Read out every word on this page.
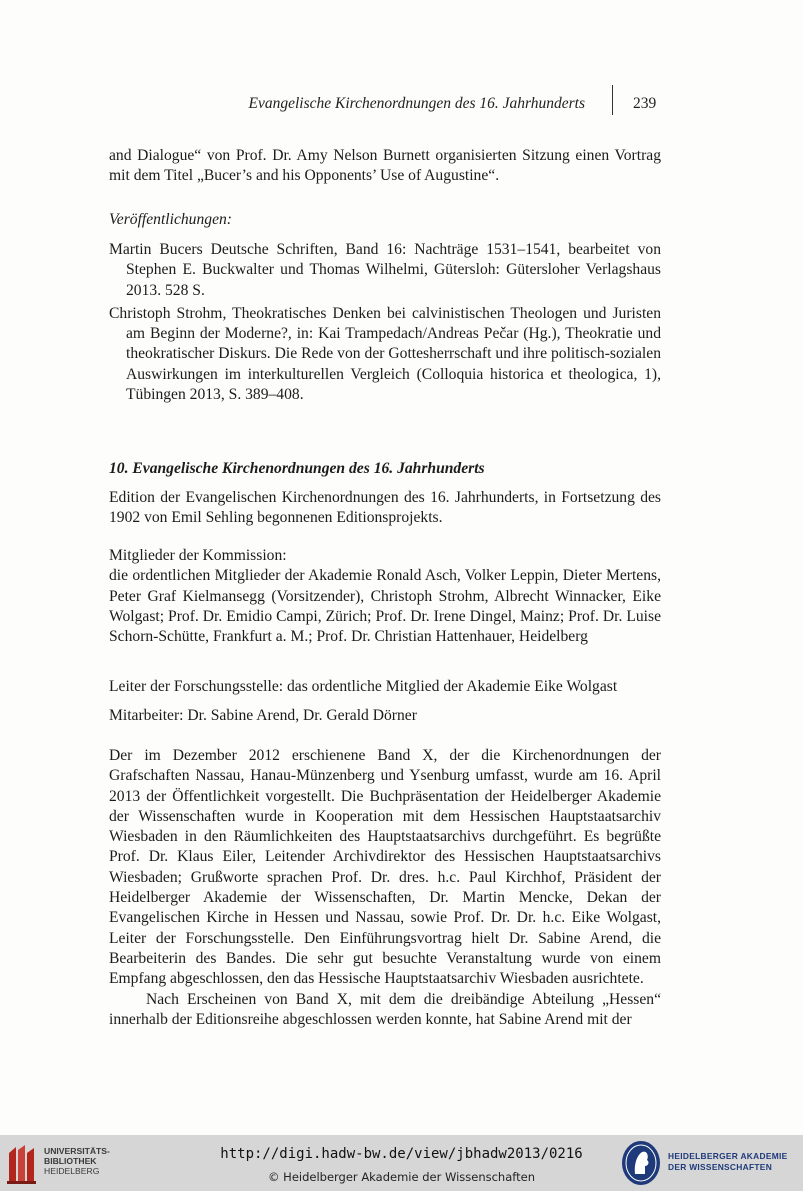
Evangelische Kirchenordnungen des 16. Jahrhunderts	239

and Dialogue“ von Prof. Dr. Amy Nelson Burnett organisierten Sitzung einen Vortrag mit dem Titel „Bucer’s and his Opponents’ Use of Augustine“.

Veröffentlichungen:

Martin Bucers Deutsche Schriften, Band 16: Nachträge 1531–1541, bearbeitet von Stephen E. Buckwalter und Thomas Wilhelmi, Gütersloh: Gütersloher Verlagshaus 2013. 528 S.

Christoph Strohm, Theokratisches Denken bei calvinistischen Theologen und Juristen am Beginn der Moderne?, in: Kai Trampedach/Andreas Pečar (Hg.), Theokratie und theokratischer Diskurs. Die Rede von der Gottesherrschaft und ihre politisch-sozialen Auswirkungen im interkulturellen Vergleich (Colloquia historica et theologica, 1), Tübingen 2013, S. 389–408.

10. Evangelische Kirchenordnungen des 16. Jahrhunderts

Edition der Evangelischen Kirchenordnungen des 16. Jahrhunderts, in Fortsetzung des 1902 von Emil Sehling begonnenen Editionsprojekts.

Mitglieder der Kommission:

die ordentlichen Mitglieder der Akademie Ronald Asch, Volker Leppin, Dieter Mertens, Peter Graf Kielmansegg (Vorsitzender), Christoph Strohm, Albrecht Winnacker, Eike Wolgast; Prof. Dr. Emidio Campi, Zürich; Prof. Dr. Irene Dingel, Mainz; Prof. Dr. Luise Schorn-Schütte, Frankfurt a. M.; Prof. Dr. Christian Hattenhauer, Heidelberg

Leiter der Forschungsstelle: das ordentliche Mitglied der Akademie Eike Wolgast

Mitarbeiter: Dr. Sabine Arend, Dr. Gerald Dörner

Der im Dezember 2012 erschienene Band X, der die Kirchenordnungen der Grafschaften Nassau, Hanau-Münzenberg und Ysenburg umfasst, wurde am 16. April 2013 der Öffentlichkeit vorgestellt. Die Buchpräsentation der Heidelberger Akademie der Wissenschaften wurde in Kooperation mit dem Hessischen Hauptstaatsarchiv Wiesbaden in den Räumlichkeiten des Hauptstaatsarchivs durchgeführt. Es begrüßte Prof. Dr. Klaus Eiler, Leitender Archivdirektor des Hessischen Hauptstaatsarchivs Wiesbaden; Grußworte sprachen Prof. Dr. dres. h.c. Paul Kirchhof, Präsident der Heidelberger Akademie der Wissenschaften, Dr. Martin Mencke, Dekan der Evangelischen Kirche in Hessen und Nassau, sowie Prof. Dr. Dr. h.c. Eike Wolgast, Leiter der Forschungsstelle. Den Einführungsvortrag hielt Dr. Sabine Arend, die Bearbeiterin des Bandes. Die sehr gut besuchte Veranstaltung wurde von einem Empfang abgeschlossen, den das Hessische Hauptstaatsarchiv Wiesbaden ausrichtete.

Nach Erscheinen von Band X, mit dem die dreibändige Abteilung „Hessen“ innerhalb der Editionsreihe abgeschlossen werden konnte, hat Sabine Arend mit der

UNIVERSITÄTS-
BIBLIOTHEK
HEIDELBERG
http://digi.hadw-bw.de/view/jbhadw2013/0216
© Heidelberger Akademie der Wissenschaften
HEIDELBERGER AKADEMIE
DER WISSENSCHAFTEN
